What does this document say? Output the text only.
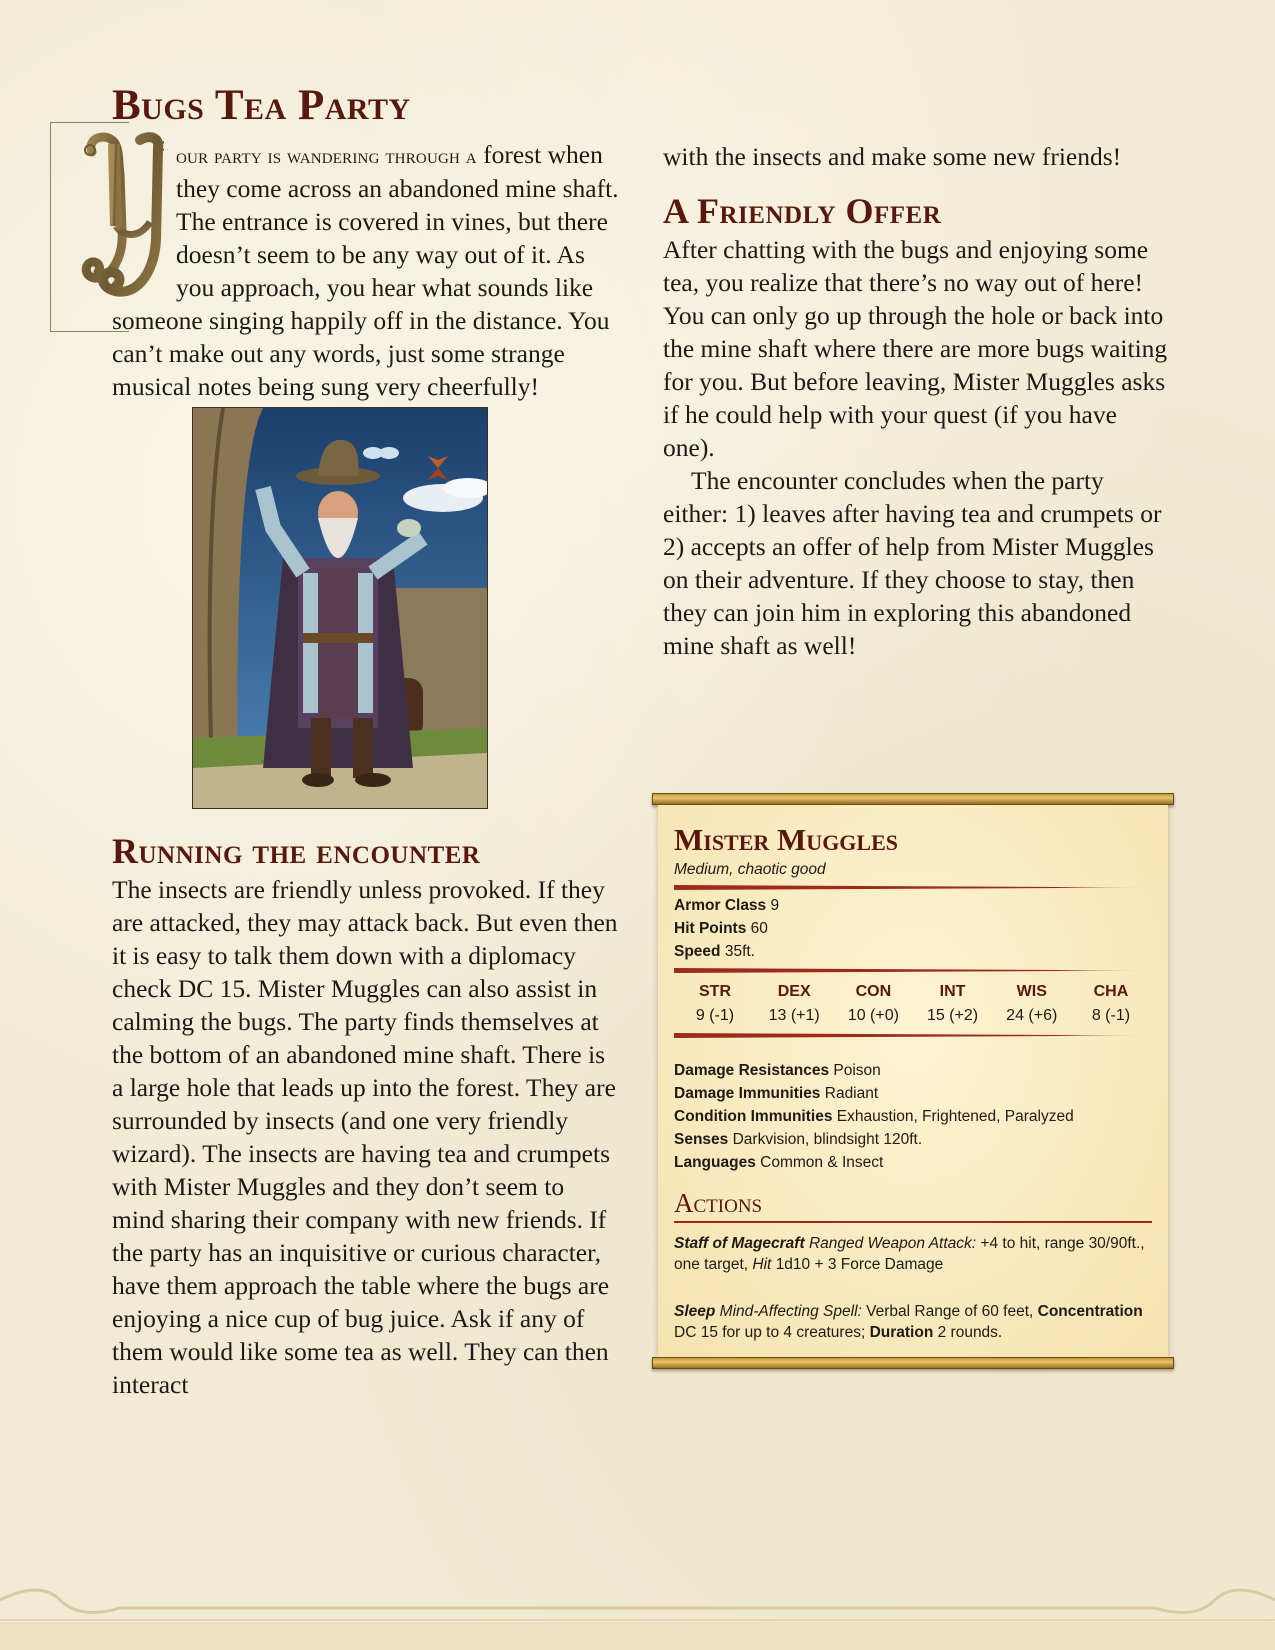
Bugs Tea Party

our party is wandering through a forest when they come across an abandoned mine shaft. The entrance is covered in vines, but there doesn’t seem to be any way out of it. As you approach, you hear what sounds like someone singing happily off in the distance. You can’t make out any words, just some strange musical notes being sung very cheerfully!

Running the encounter

The insects are friendly unless provoked. If they are attacked, they may attack back. But even then it is easy to talk them down with a diplomacy check DC 15. Mister Muggles can also assist in calming the bugs. The party finds themselves at the bottom of an abandoned mine shaft. There is a large hole that leads up into the forest. They are surrounded by insects (and one very friendly wizard). The insects are having tea and crumpets with Mister Muggles and they don’t seem to mind sharing their company with new friends. If the party has an inquisitive or curious character, have them approach the table where the bugs are enjoying a nice cup of bug juice. Ask if any of them would like some tea as well. They can then interact

with the insects and make some new friends!

A Friendly Offer

After chatting with the bugs and enjoying some tea, you realize that there’s no way out of here! You can only go up through the hole or back into the mine shaft where there are more bugs waiting for you. But before leaving, Mister Muggles asks if he could help with your quest (if you have one).

The encounter concludes when the party either: 1) leaves after having tea and crumpets or 2) accepts an offer of help from Mister Muggles on their adventure. If they choose to stay, then they can join him in exploring this abandoned mine shaft as well!

Mister Muggles
Medium, chaotic good
Armor Class 9
Hit Points 60
Speed 35ft.
STR
9 (-1)
DEX
13 (+1)
CON
10 (+0)
INT
15 (+2)
WIS
24 (+6)
CHA
8 (-1)
Damage Resistances Poison
Damage Immunities Radiant
Condition Immunities Exhaustion, Frightened, Paralyzed
Senses Darkvision, blindsight 120ft.
Languages Common & Insect
Actions
Staff of Magecraft Ranged Weapon Attack: +4 to hit, range 30/90ft., one target, Hit 1d10 + 3 Force Damage
Sleep Mind-Affecting Spell: Verbal Range of 60 feet, Concentration DC 15 for up to 4 creatures; Duration 2 rounds.
